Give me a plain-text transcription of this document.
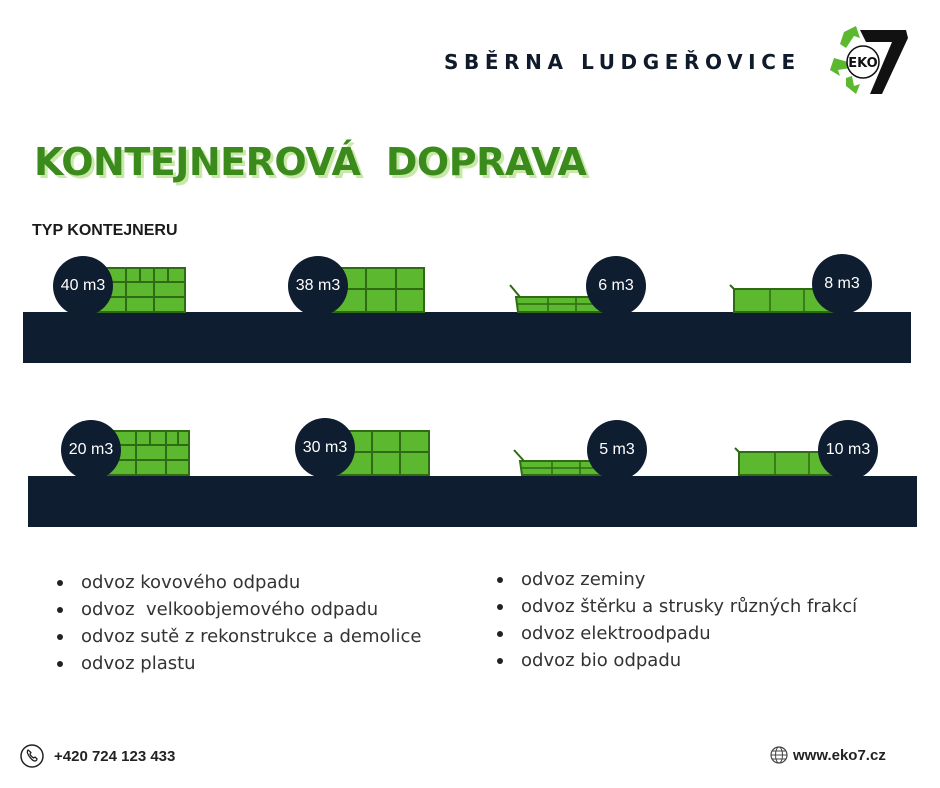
SBĚRNA LUDGEŘOVICE	EKO
KONTEJNEROVÁ DOPRAVA
TYP KONTEJNERU
40 m3	38 m3	6 m3	8 m3
20 m3	30 m3	5 m3	10 m3
odvoz kovového odpadu
odvoz  velkoobjemového odpadu
odvoz sutě z rekonstrukce a demolice
odvoz plastu
odvoz zeminy
odvoz štěrku a strusky různých frakcí
odvoz elektroodpadu
odvoz bio odpadu
+420 724 123 433	www.eko7.cz
